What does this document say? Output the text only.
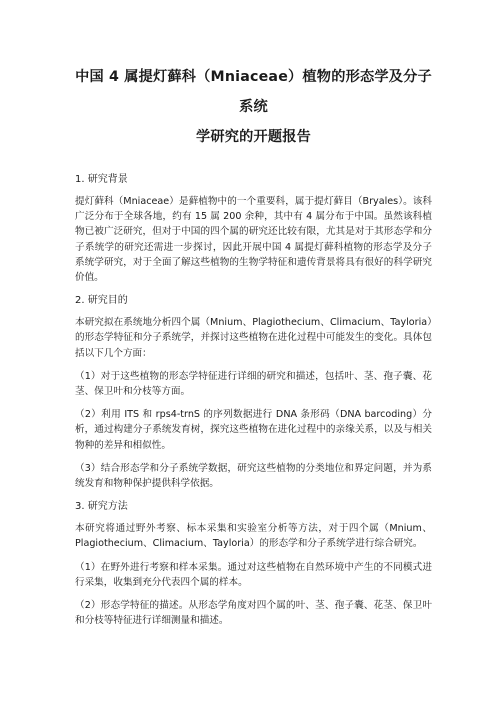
中国 4 属提灯藓科（Mniaceae）植物的形态学及分子系统
学研究的开题报告

1. 研究背景

提灯藓科（Mniaceae）是藓植物中的一个重要科，属于提灯藓目（Bryales）。该科广泛分布于全球各地，约有 15 属 200 余种，其中有 4 属分布于中国。虽然该科植物已被广泛研究，但对于中国的四个属的研究还比较有限，尤其是对于其形态学和分子系统学的研究还需进一步探讨，因此开展中国 4 属提灯藓科植物的形态学及分子系统学研究，对于全面了解这些植物的生物学特征和遗传背景将具有很好的科学研究价值。

2. 研究目的

本研究拟在系统地分析四个属（Mnium、Plagiothecium、Climacium、Tayloria）的形态学特征和分子系统学，并探讨这些植物在进化过程中可能发生的变化。具体包括以下几个方面：

（1）对于这些植物的形态学特征进行详细的研究和描述，包括叶、茎、孢子囊、花茎、保卫叶和分枝等方面。

（2）利用 ITS 和 rps4-trnS 的序列数据进行 DNA 条形码（DNA barcoding）分析，通过构建分子系统发育树，探究这些植物在进化过程中的亲缘关系，以及与相关物种的差异和相似性。

（3）结合形态学和分子系统学数据，研究这些植物的分类地位和界定问题，并为系统发育和物种保护提供科学依据。

3. 研究方法

本研究将通过野外考察、标本采集和实验室分析等方法，对于四个属（Mnium、Plagiothecium、Climacium、Tayloria）的形态学和分子系统学进行综合研究。

（1）在野外进行考察和样本采集。通过对这些植物在自然环境中产生的不同模式进行采集，收集到充分代表四个属的样本。

（2）形态学特征的描述。从形态学角度对四个属的叶、茎、孢子囊、花茎、保卫叶和分枝等特征进行详细测量和描述。
